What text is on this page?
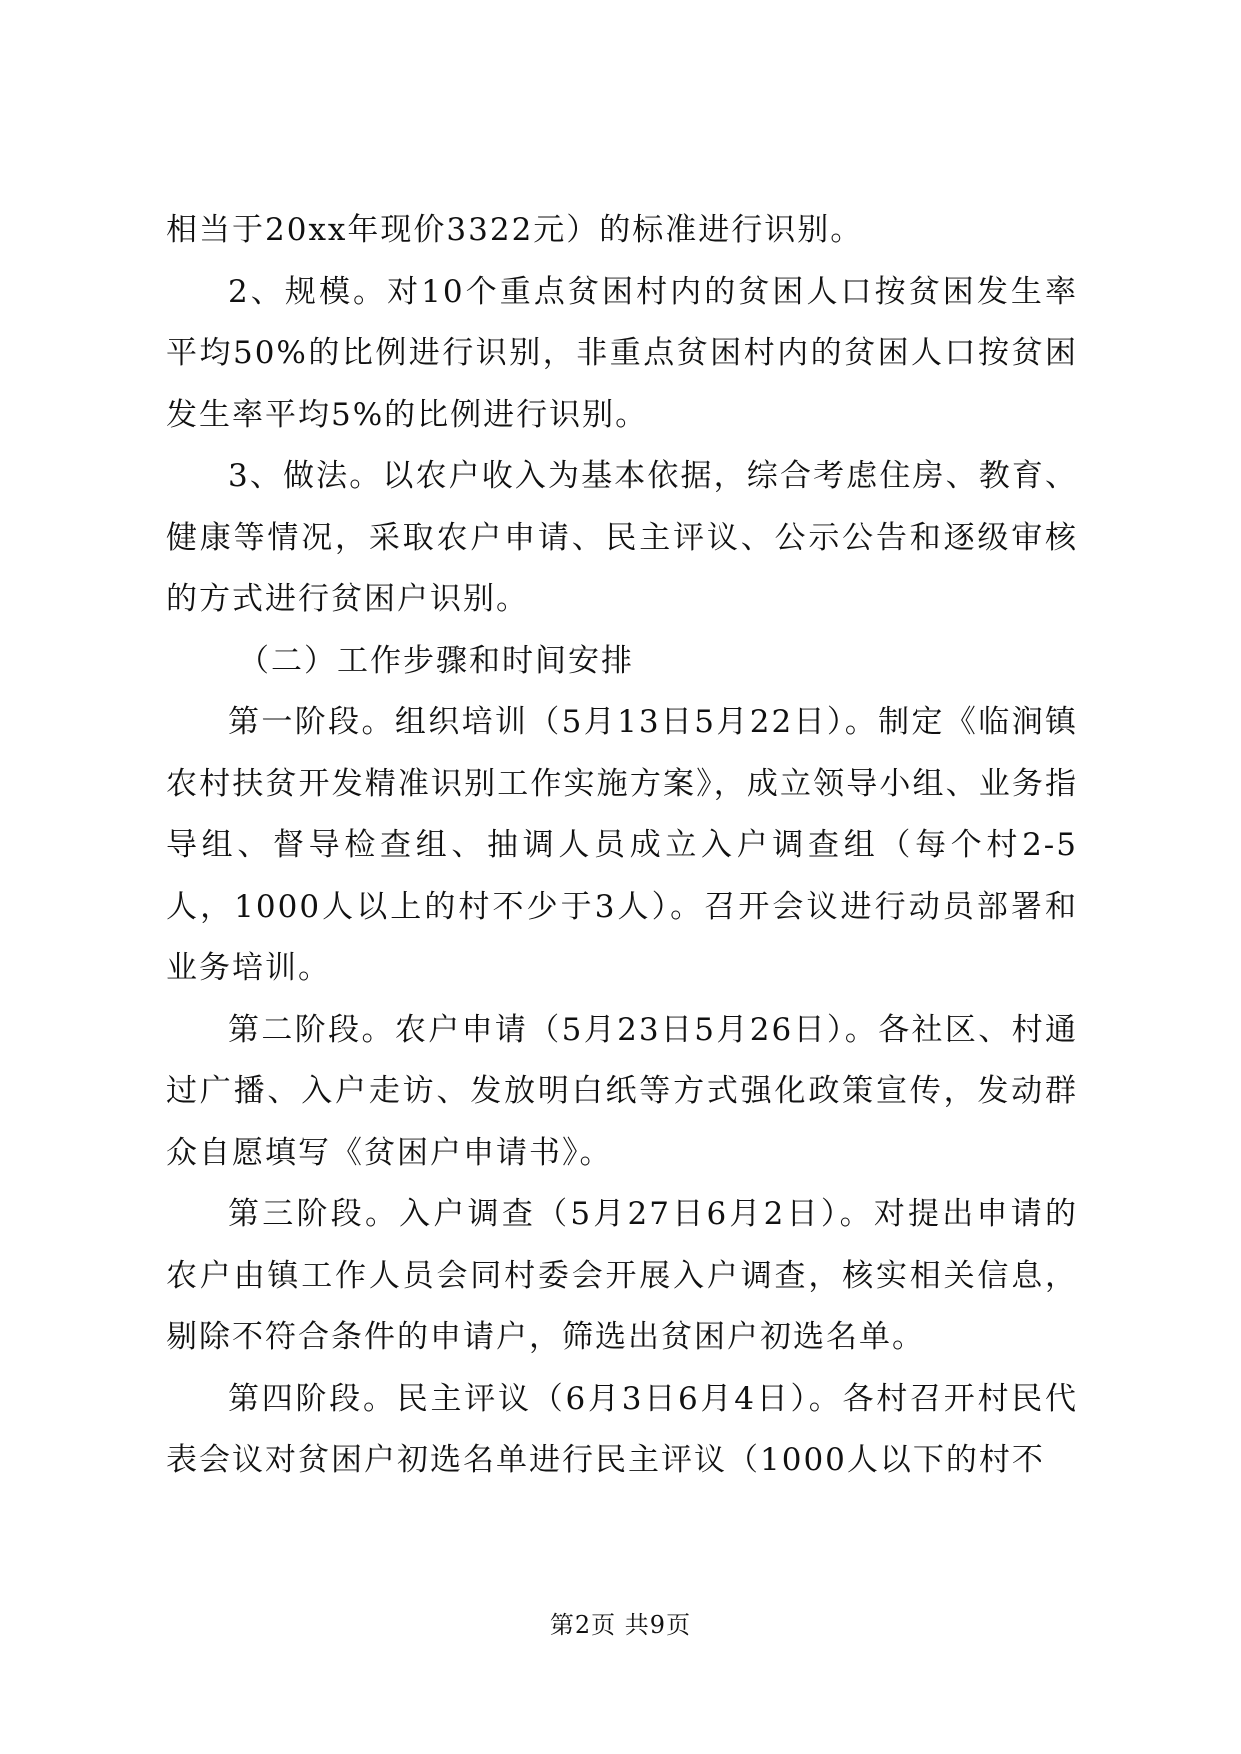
相当于20xx年现价3322元）的标准进行识别。

2、规模。对10个重点贫困村内的贫困人口按贫困发生率平均50%的比例进行识别，非重点贫困村内的贫困人口按贫困发生率平均5%的比例进行识别。

3、做法。以农户收入为基本依据，综合考虑住房、教育、健康等情况，采取农户申请、民主评议、公示公告和逐级审核的方式进行贫困户识别。

（二）工作步骤和时间安排

第一阶段。组织培训（5月13日5月22日）。制定《临涧镇农村扶贫开发精准识别工作实施方案》，成立领导小组、业务指导组、督导检查组、抽调人员成立入户调查组（每个村2-5人，1000人以上的村不少于3人）。召开会议进行动员部署和业务培训。

第二阶段。农户申请（5月23日5月26日）。各社区、村通过广播、入户走访、发放明白纸等方式强化政策宣传，发动群众自愿填写《贫困户申请书》。

第三阶段。入户调查（5月27日6月2日）。对提出申请的农户由镇工作人员会同村委会开展入户调查，核实相关信息，剔除不符合条件的申请户，筛选出贫困户初选名单。

第四阶段。民主评议（6月3日6月4日）。各村召开村民代表会议对贫困户初选名单进行民主评议（1000人以下的村不

第2页 共9页
